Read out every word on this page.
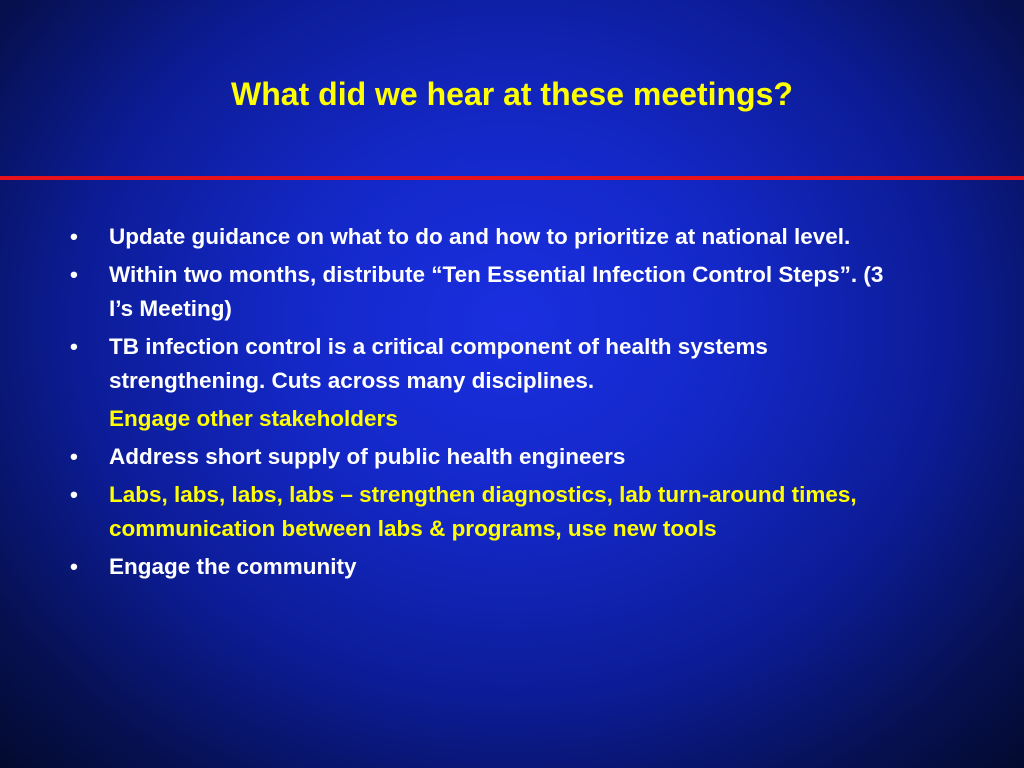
What did we hear at these meetings?
•	Update guidance on what to do and how to prioritize at national level.
•	Within two months, distribute “Ten Essential Infection Control Steps”. (3 I’s Meeting)
•	TB infection control is a critical component of health systems strengthening. Cuts across many disciplines.
Engage other stakeholders
•	Address short supply of public health engineers
•	Labs, labs, labs, labs – strengthen diagnostics, lab turn-around times, communication between labs & programs, use new tools
•	Engage the community
